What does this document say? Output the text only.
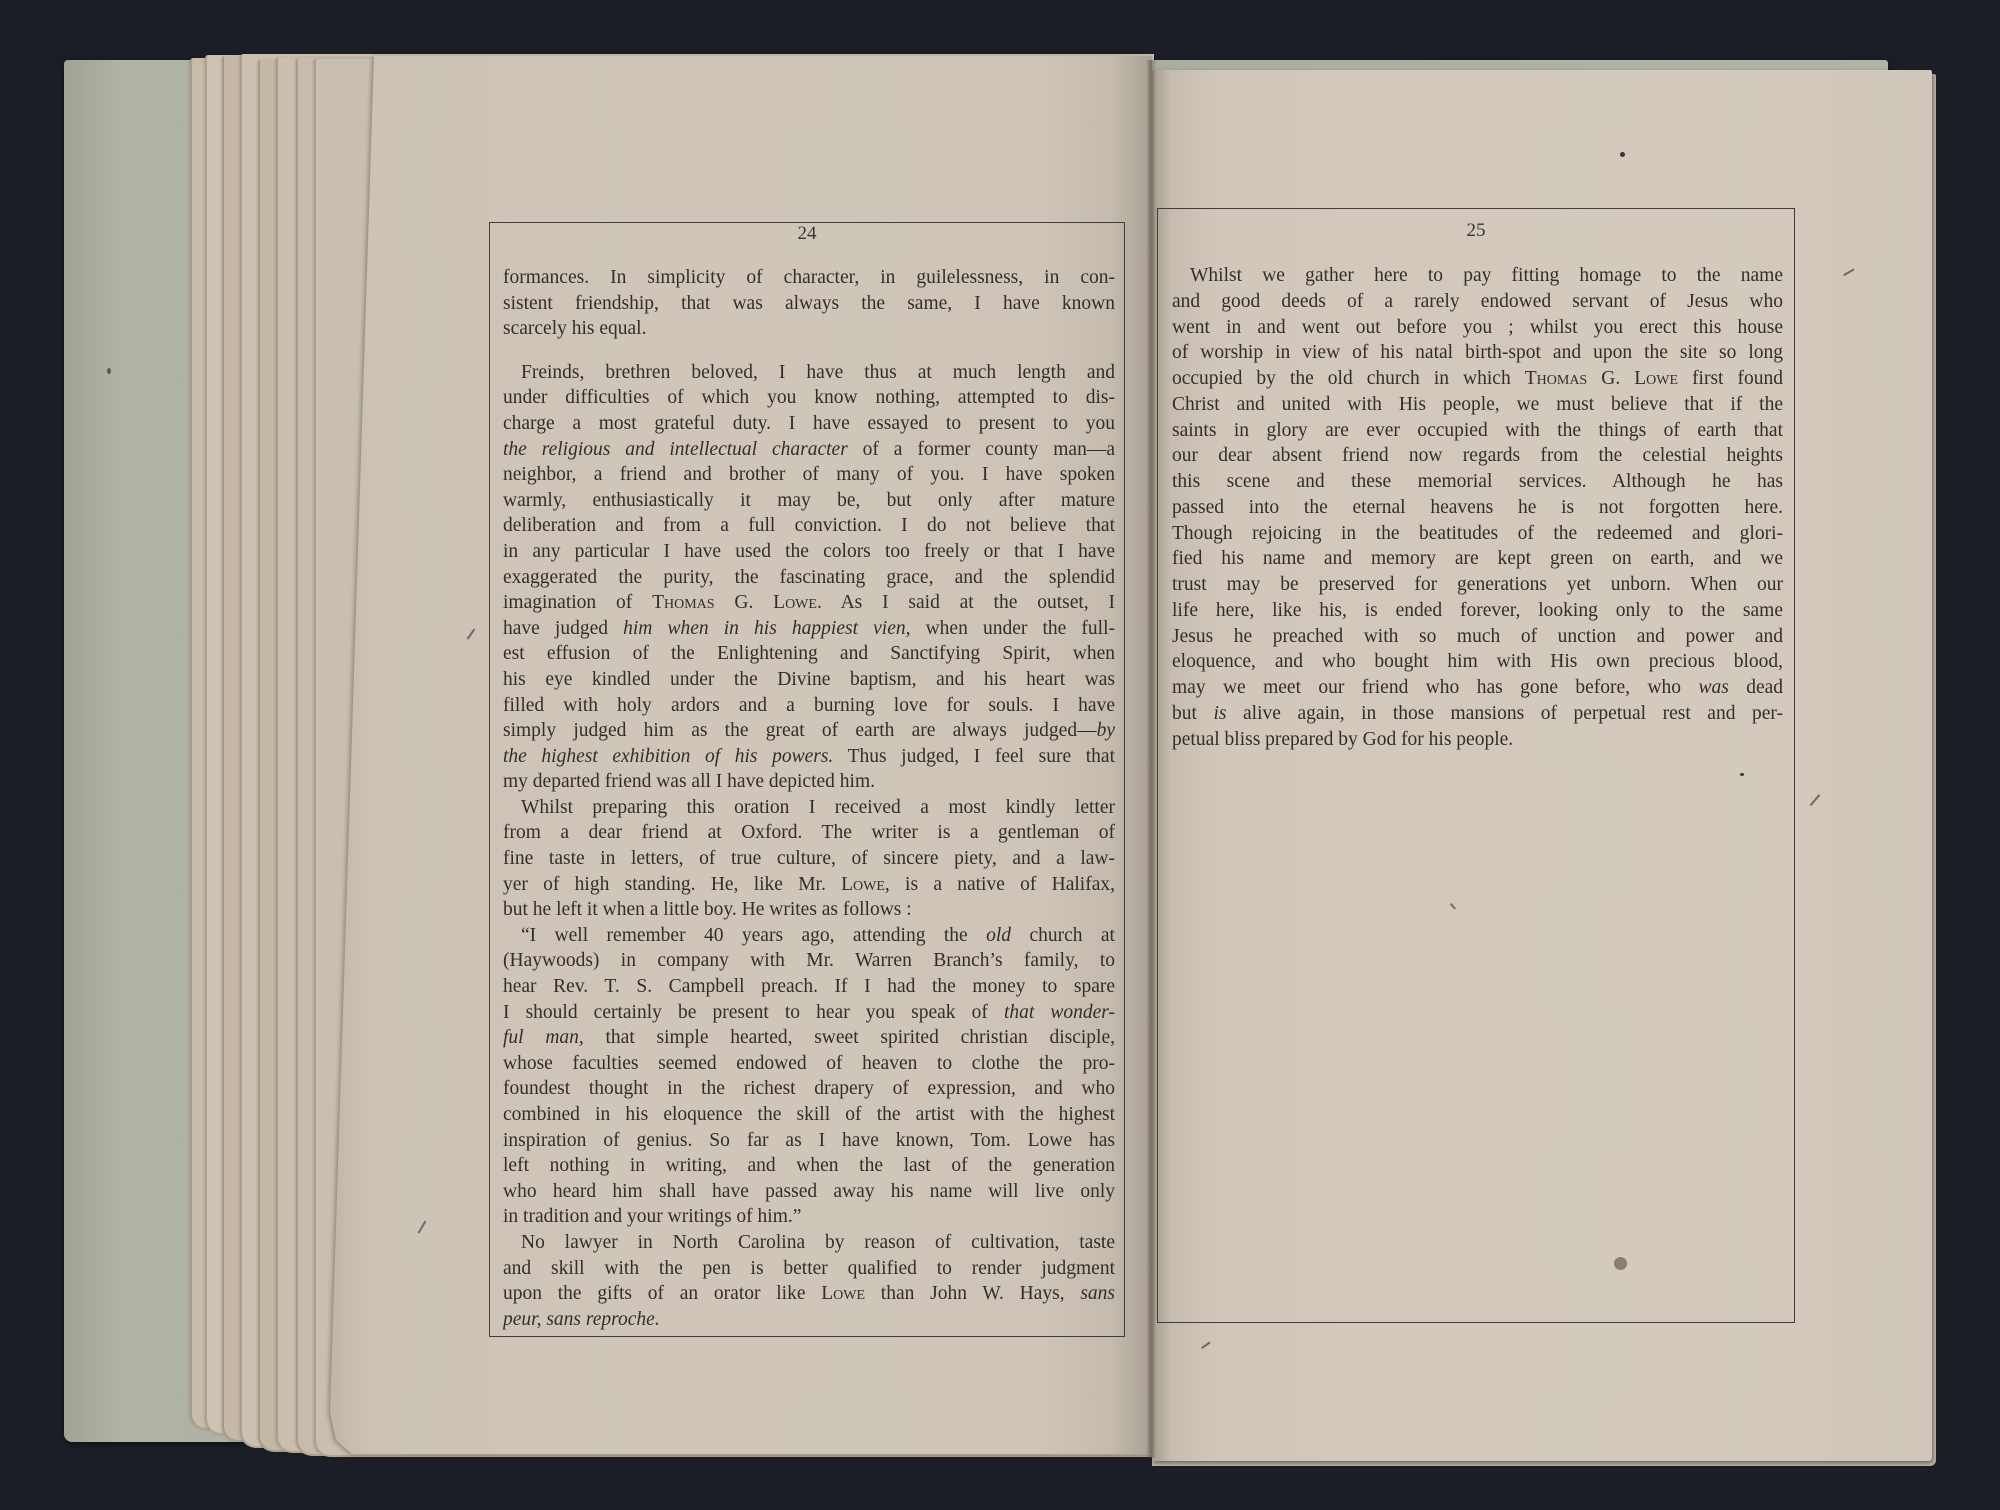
24
formances. In simplicity of character, in guilelessness, in con-
sistent friendship, that was always the same, I have known
scarcely his equal.
Freinds, brethren beloved, I have thus at much length and
under difficulties of which you know nothing, attempted to dis-
charge a most grateful duty. I have essayed to present to you
the religious and intellectual character of a former county man—a
neighbor, a friend and brother of many of you. I have spoken
warmly, enthusiastically it may be, but only after mature
deliberation and from a full conviction. I do not believe that
in any particular I have used the colors too freely or that I have
exaggerated the purity, the fascinating grace, and the splendid
imagination of Thomas G. Lowe. As I said at the outset, I
have judged him when in his happiest vien, when under the full-
est effusion of the Enlightening and Sanctifying Spirit, when
his eye kindled under the Divine baptism, and his heart was
filled with holy ardors and a burning love for souls. I have
simply judged him as the great of earth are always judged—by
the highest exhibition of his powers. Thus judged, I feel sure that
my departed friend was all I have depicted him.
Whilst preparing this oration I received a most kindly letter
from a dear friend at Oxford. The writer is a gentleman of
fine taste in letters, of true culture, of sincere piety, and a law-
yer of high standing. He, like Mr. Lowe, is a native of Halifax,
but he left it when a little boy. He writes as follows :
“I well remember 40 years ago, attending the old church at
(Haywoods) in company with Mr. Warren Branch’s family, to
hear Rev. T. S. Campbell preach. If I had the money to spare
I should certainly be present to hear you speak of that wonder-
ful man, that simple hearted, sweet spirited christian disciple,
whose faculties seemed endowed of heaven to clothe the pro-
foundest thought in the richest drapery of expression, and who
combined in his eloquence the skill of the artist with the highest
inspiration of genius. So far as I have known, Tom. Lowe has
left nothing in writing, and when the last of the generation
who heard him shall have passed away his name will live only
in tradition and your writings of him.”
No lawyer in North Carolina by reason of cultivation, taste
and skill with the pen is better qualified to render judgment
upon the gifts of an orator like Lowe than John W. Hays, sans
peur, sans reproche.
25
Whilst we gather here to pay fitting homage to the name
and good deeds of a rarely endowed servant of Jesus who
went in and went out before you ; whilst you erect this house
of worship in view of his natal birth-spot and upon the site so long
occupied by the old church in which Thomas G. Lowe first found
Christ and united with His people, we must believe that if the
saints in glory are ever occupied with the things of earth that
our dear absent friend now regards from the celestial heights
this scene and these memorial services. Although he has
passed into the eternal heavens he is not forgotten here.
Though rejoicing in the beatitudes of the redeemed and glori-
fied his name and memory are kept green on earth, and we
trust may be preserved for generations yet unborn. When our
life here, like his, is ended forever, looking only to the same
Jesus he preached with so much of unction and power and
eloquence, and who bought him with His own precious blood,
may we meet our friend who has gone before, who was dead
but is alive again, in those mansions of perpetual rest and per-
petual bliss prepared by God for his people.
